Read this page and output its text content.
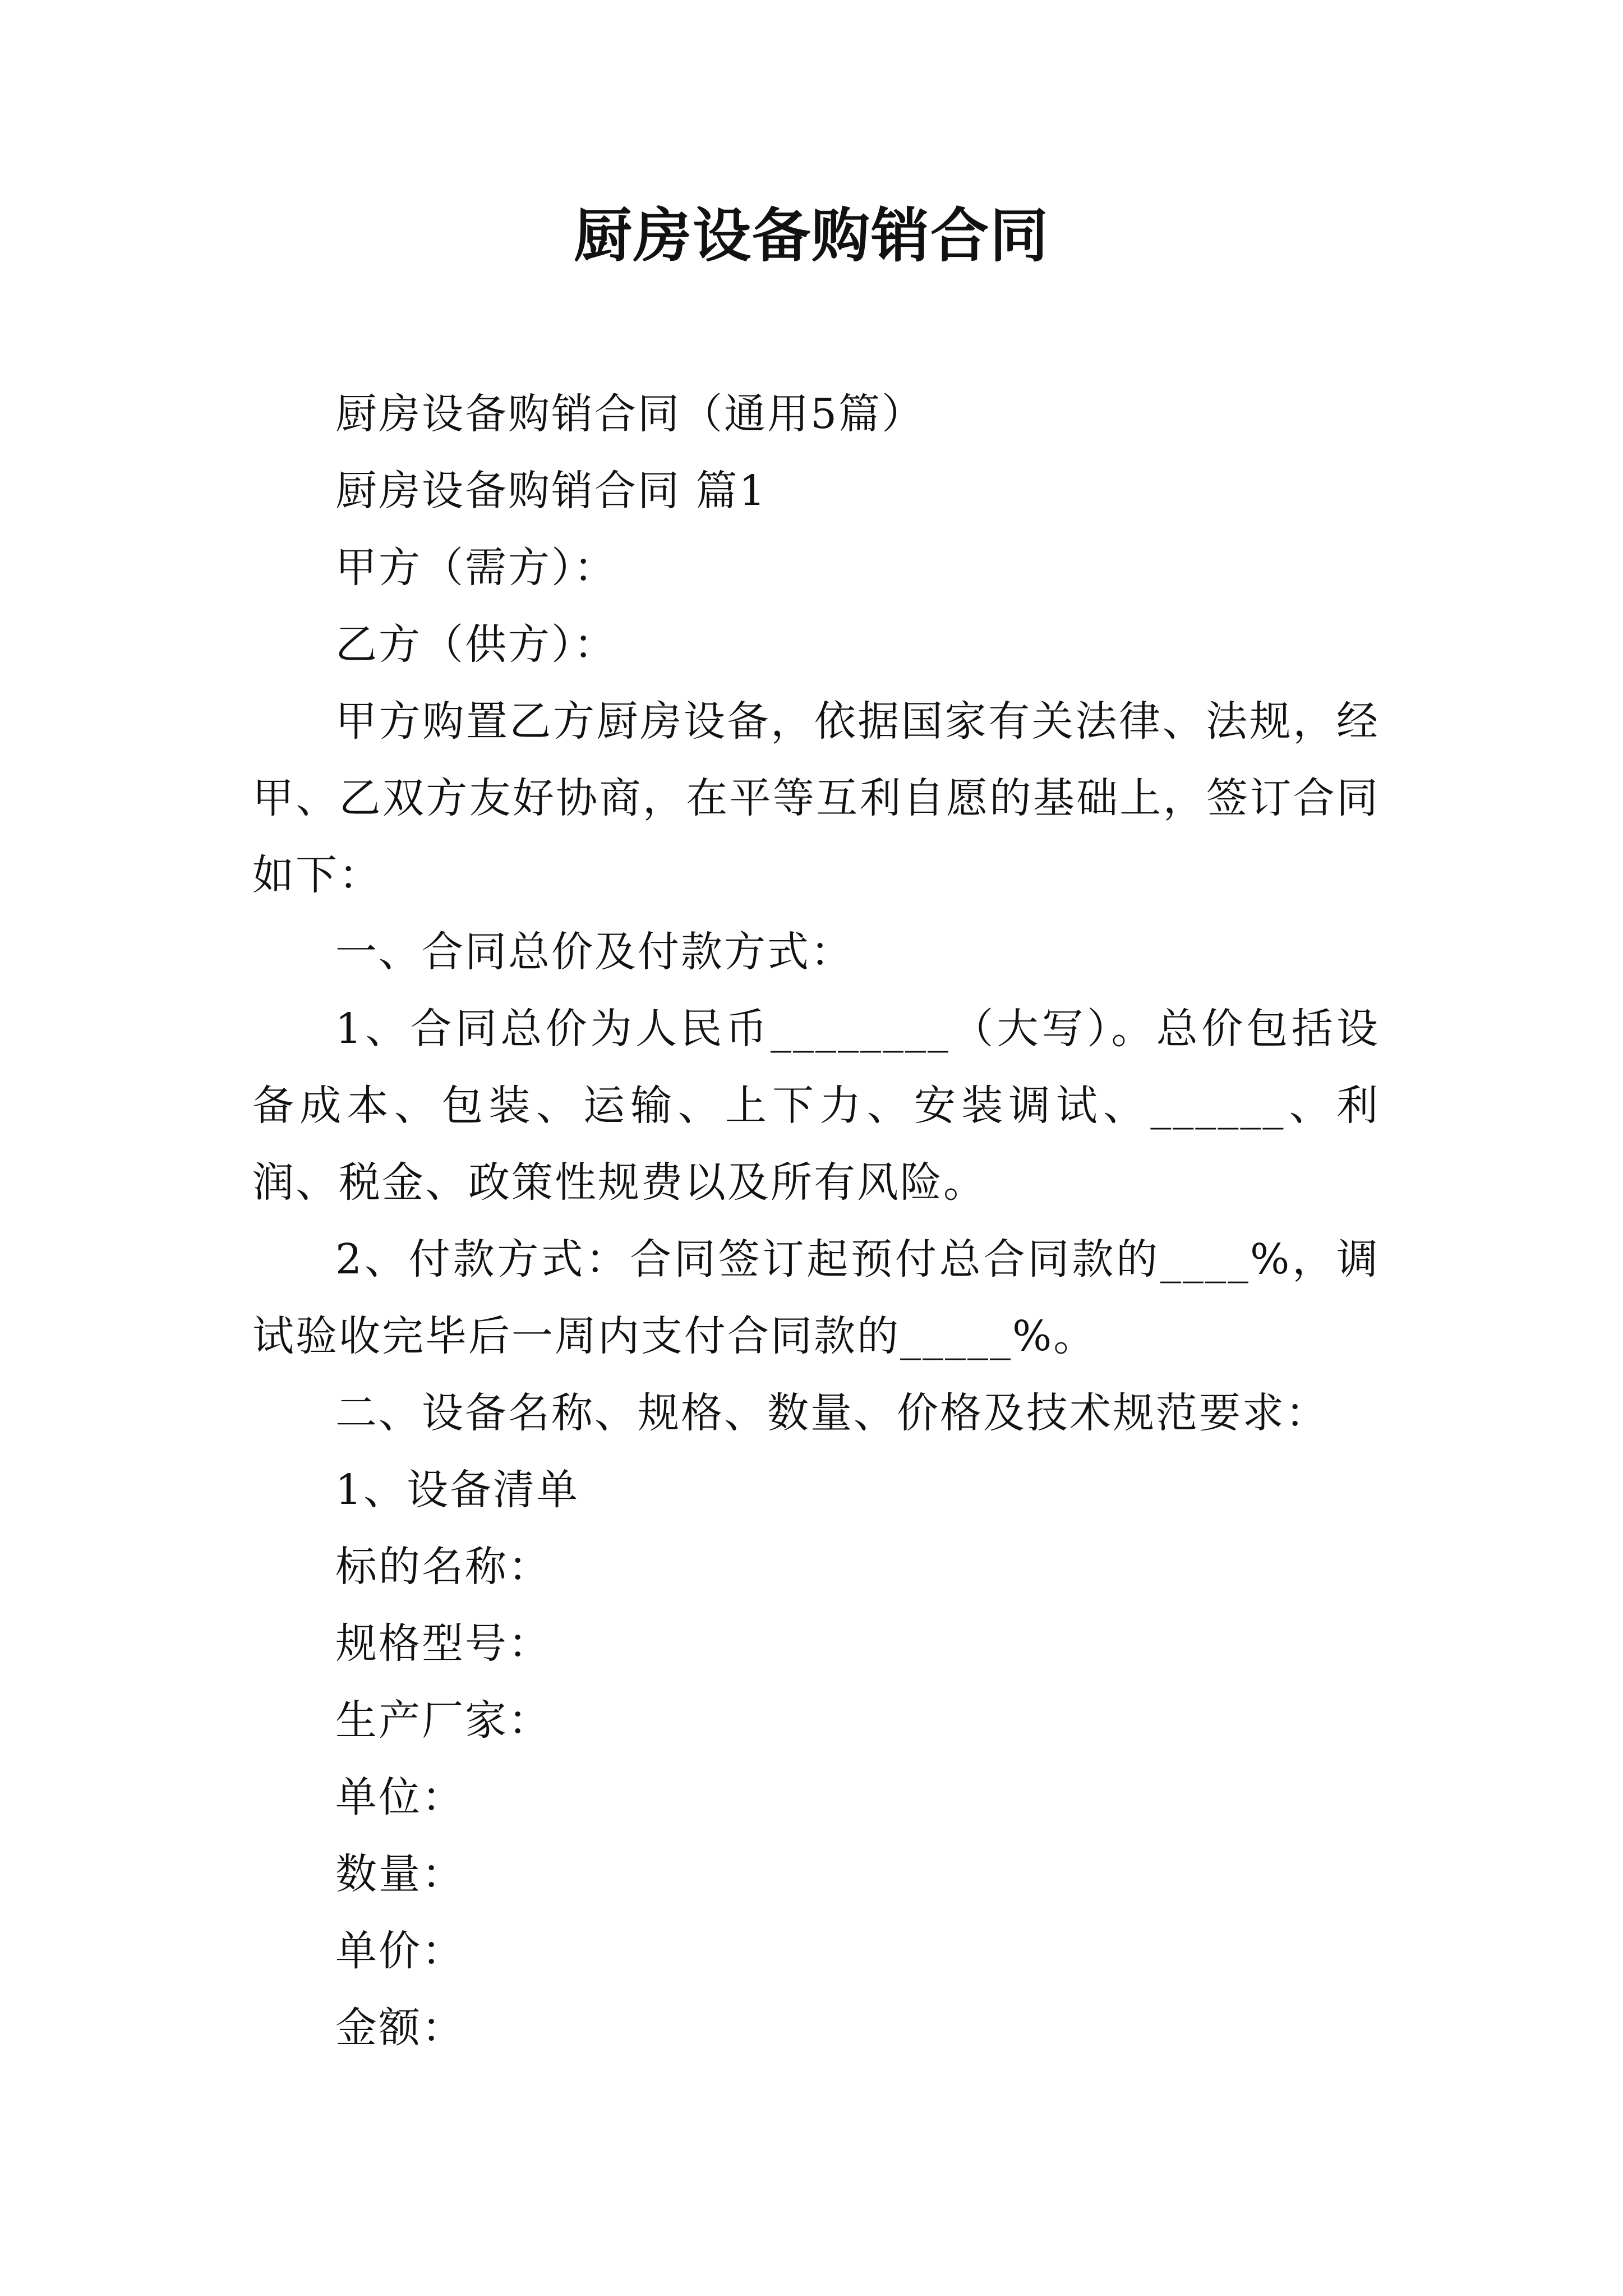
厨房设备购销合同

厨房设备购销合同（通用5篇）

厨房设备购销合同 篇1

甲方（需方）：

乙方（供方）：

甲方购置乙方厨房设备，依据国家有关法律、法规，经甲、乙双方友好协商，在平等互利自愿的基础上，签订合同如下：

一、合同总价及付款方式：

1、合同总价为人民币________（大写）。总价包括设备成本、包装、运输、上下力、安装调试、______、利润、税金、政策性规费以及所有风险。

2、付款方式：合同签订起预付总合同款的____%，调试验收完毕后一周内支付合同款的_____%。

二、设备名称、规格、数量、价格及技术规范要求：

1、设备清单

标的名称：

规格型号：

生产厂家：

单位：

数量：

单价：

金额：
